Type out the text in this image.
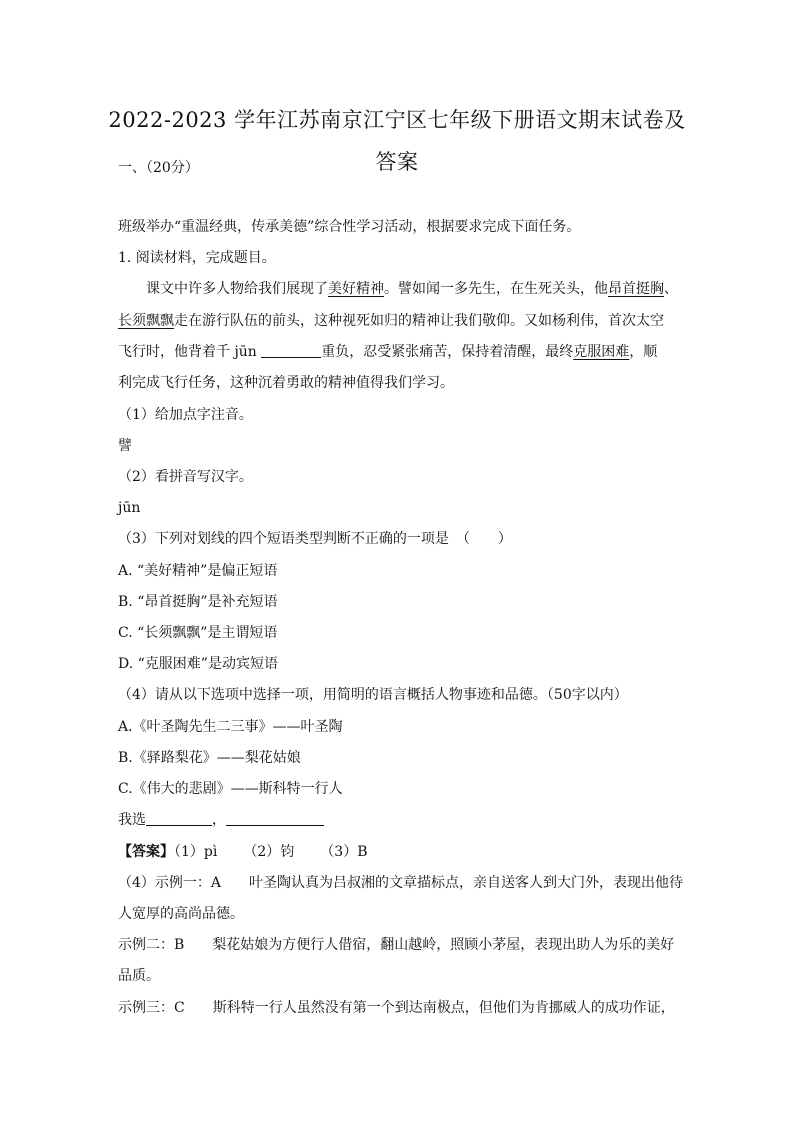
2022-2023 学年江苏南京江宁区七年级下册语文期末试卷及
答案
一、（20分）
班级举办“重温经典，传承美德”综合性学习活动，根据要求完成下面任务。
1. 阅读材料，完成题目。
课文中许多人物给我们展现了美好精神。譬如闻一多先生，在生死关头，他昂首挺胸、
长须飘飘走在游行队伍的前头，这种视死如归的精神让我们敬仰。又如杨利伟，首次太空
飞行时，他背着千 jūn	重负，忍受紧张痛苦，保持着清醒，最终克服困难，顺
利完成飞行任务，这种沉着勇敢的精神值得我们学习。
（1）给加点字注音。
譬
（2）看拼音写汉字。
jūn
（3）下列对划线的四个短语类型判断不正确的一项是　（　　）
A. “美好精神”是偏正短语
B. “昂首挺胸”是补充短语
C. “长须飘飘”是主谓短语
D. “克服困难”是动宾短语
（4）请从以下选项中选择一项，用简明的语言概括人物事迹和品德。（50字以内）
A.《叶圣陶先生二三事》——叶圣陶
B.《驿路梨花》——梨花姑娘
C.《伟大的悲剧》——斯科特一行人
我选	，
【答案】（1）pì （2）钧 （3）B
（4）示例一：A　　叶圣陶认真为吕叔湘的文章描标点，亲自送客人到大门外，表现出他待
人宽厚的高尚品德。
示例二：B　　梨花姑娘为方便行人借宿，翻山越岭，照顾小茅屋，表现出助人为乐的美好
品质。
示例三：C　　斯科特一行人虽然没有第一个到达南极点，但他们为肯挪威人的成功作证，
